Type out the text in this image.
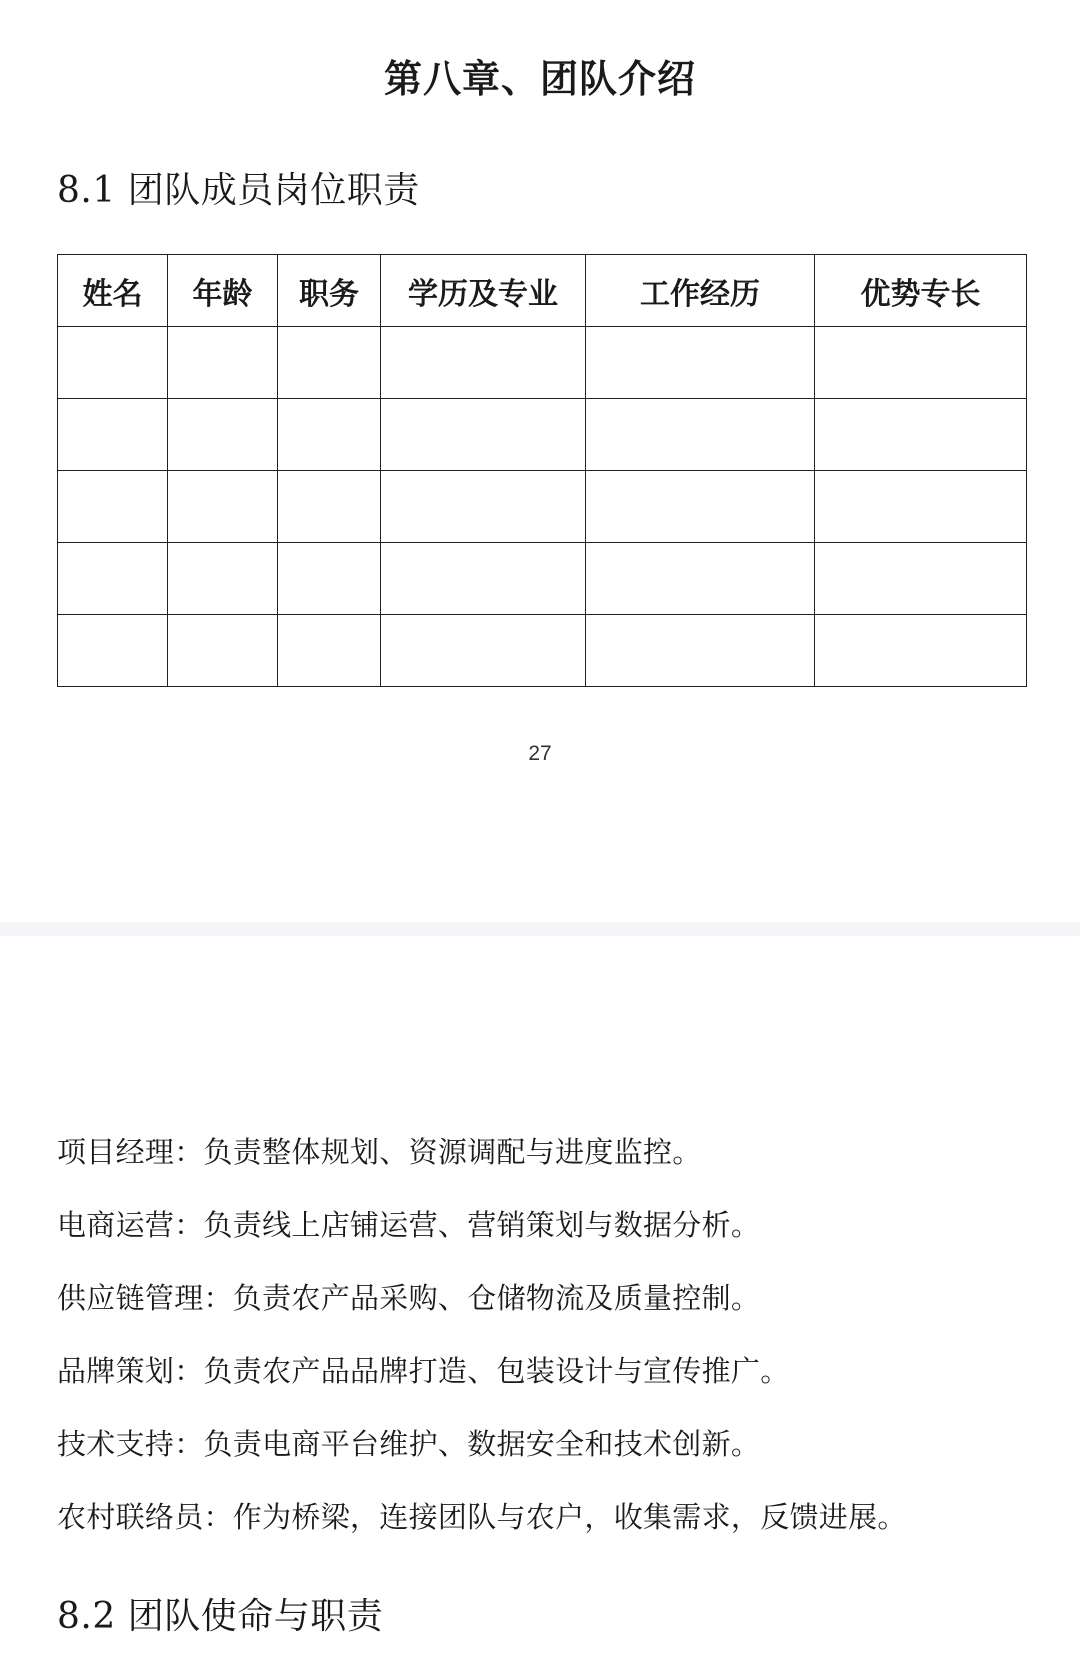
第八章、团队介绍
8.1 团队成员岗位职责
姓名	年龄	职务	学历及专业	工作经历	优势专长

27
项目经理：负责整体规划、资源调配与进度监控。
电商运营：负责线上店铺运营、营销策划与数据分析。
供应链管理：负责农产品采购、仓储物流及质量控制。
品牌策划：负责农产品品牌打造、包装设计与宣传推广。
技术支持：负责电商平台维护、数据安全和技术创新。
农村联络员：作为桥梁，连接团队与农户，收集需求，反馈进展。
8.2 团队使命与职责
